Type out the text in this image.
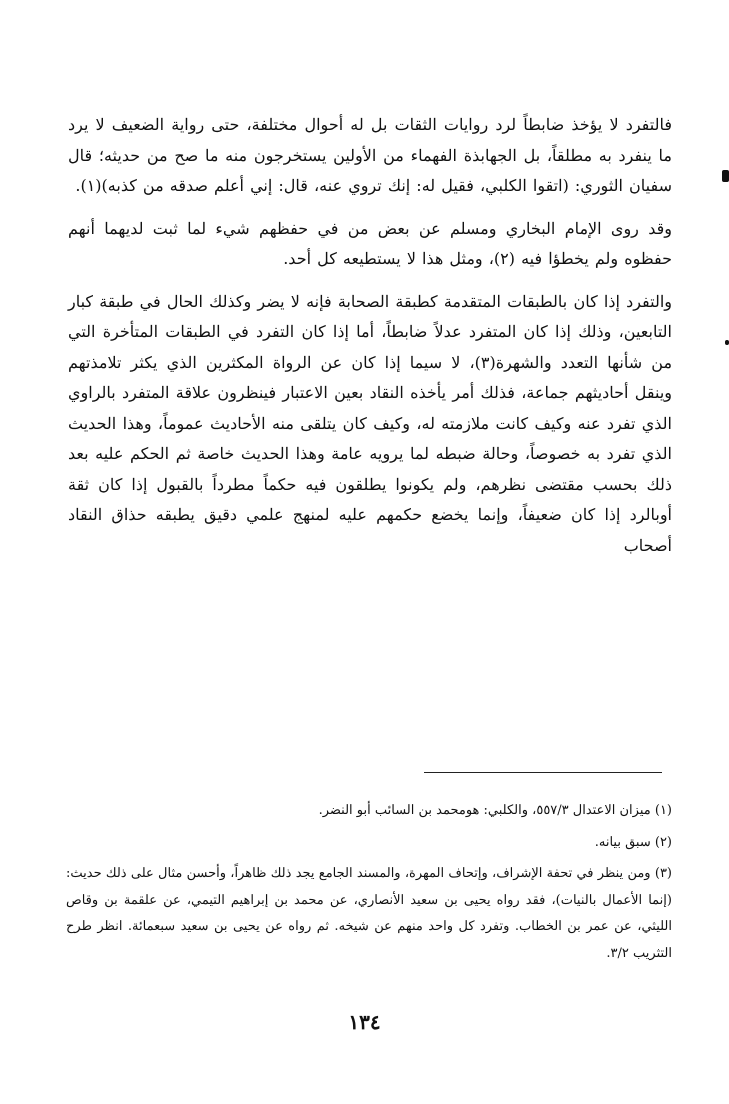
فالتفرد لا يؤخذ ضابطاً لرد روايات الثقات بل له أحوال مختلفة، حتى رواية الضعيف لا يرد ما ينفرد به مطلقاً، بل الجهابذة الفهماء من الأولين يستخرجون منه ما صح من حديثه؛ قال سفيان الثوري: (اتقوا الكلبي، فقيل له: إنك تروي عنه، قال: إني أعلم صدقه من كذبه)(١).

وقد روى الإمام البخاري ومسلم عن بعض من في حفظهم شيء لما ثبت لديهما أنهم حفظوه ولم يخطؤا فيه (٢)، ومثل هذا لا يستطيعه كل أحد.

والتفرد إذا كان بالطبقات المتقدمة كطبقة الصحابة فإنه لا يضر وكذلك الحال في طبقة كبار التابعين، وذلك إذا كان المتفرد عدلاً ضابطاً، أما إذا كان التفرد في الطبقات المتأخرة التي من شأنها التعدد والشهرة(٣)، لا سيما إذا كان عن الرواة المكثرين الذي يكثر تلامذتهم وينقل أحاديثهم جماعة، فذلك أمر يأخذه النقاد بعين الاعتبار فينظرون علاقة المتفرد بالراوي الذي تفرد عنه وكيف كانت ملازمته له، وكيف كان يتلقى منه الأحاديث عموماً، وهذا الحديث الذي تفرد به خصوصاً، وحالة ضبطه لما يرويه عامة وهذا الحديث خاصة ثم الحكم عليه بعد ذلك بحسب مقتضى نظرهم، ولم يكونوا يطلقون فيه حكماً مطرداً بالقبول إذا كان ثقة أوبالرد إذا كان ضعيفاً، وإنما يخضع حكمهم عليه لمنهج علمي دقيق يطبقه حذاق النقاد أصحاب

(١) ميزان الاعتدال ٥٥٧/٣، والكلبي: هومحمد بن السائب أبو النضر.

(٢) سبق بيانه.

(٣) ومن ينظر في تحفة الإشراف، وإتحاف المهرة، والمسند الجامع يجد ذلك ظاهراً، وأحسن مثال على ذلك حديث: (إنما الأعمال بالنيات)، فقد رواه يحيى بن سعيد الأنصاري، عن محمد بن إبراهيم التيمي، عن علقمة بن وقاص الليثي، عن عمر بن الخطاب. وتفرد كل واحد منهم عن شيخه. ثم رواه عن يحيى بن سعيد سبعمائة. انظر طرح التثريب ٣/٢.

١٣٤
